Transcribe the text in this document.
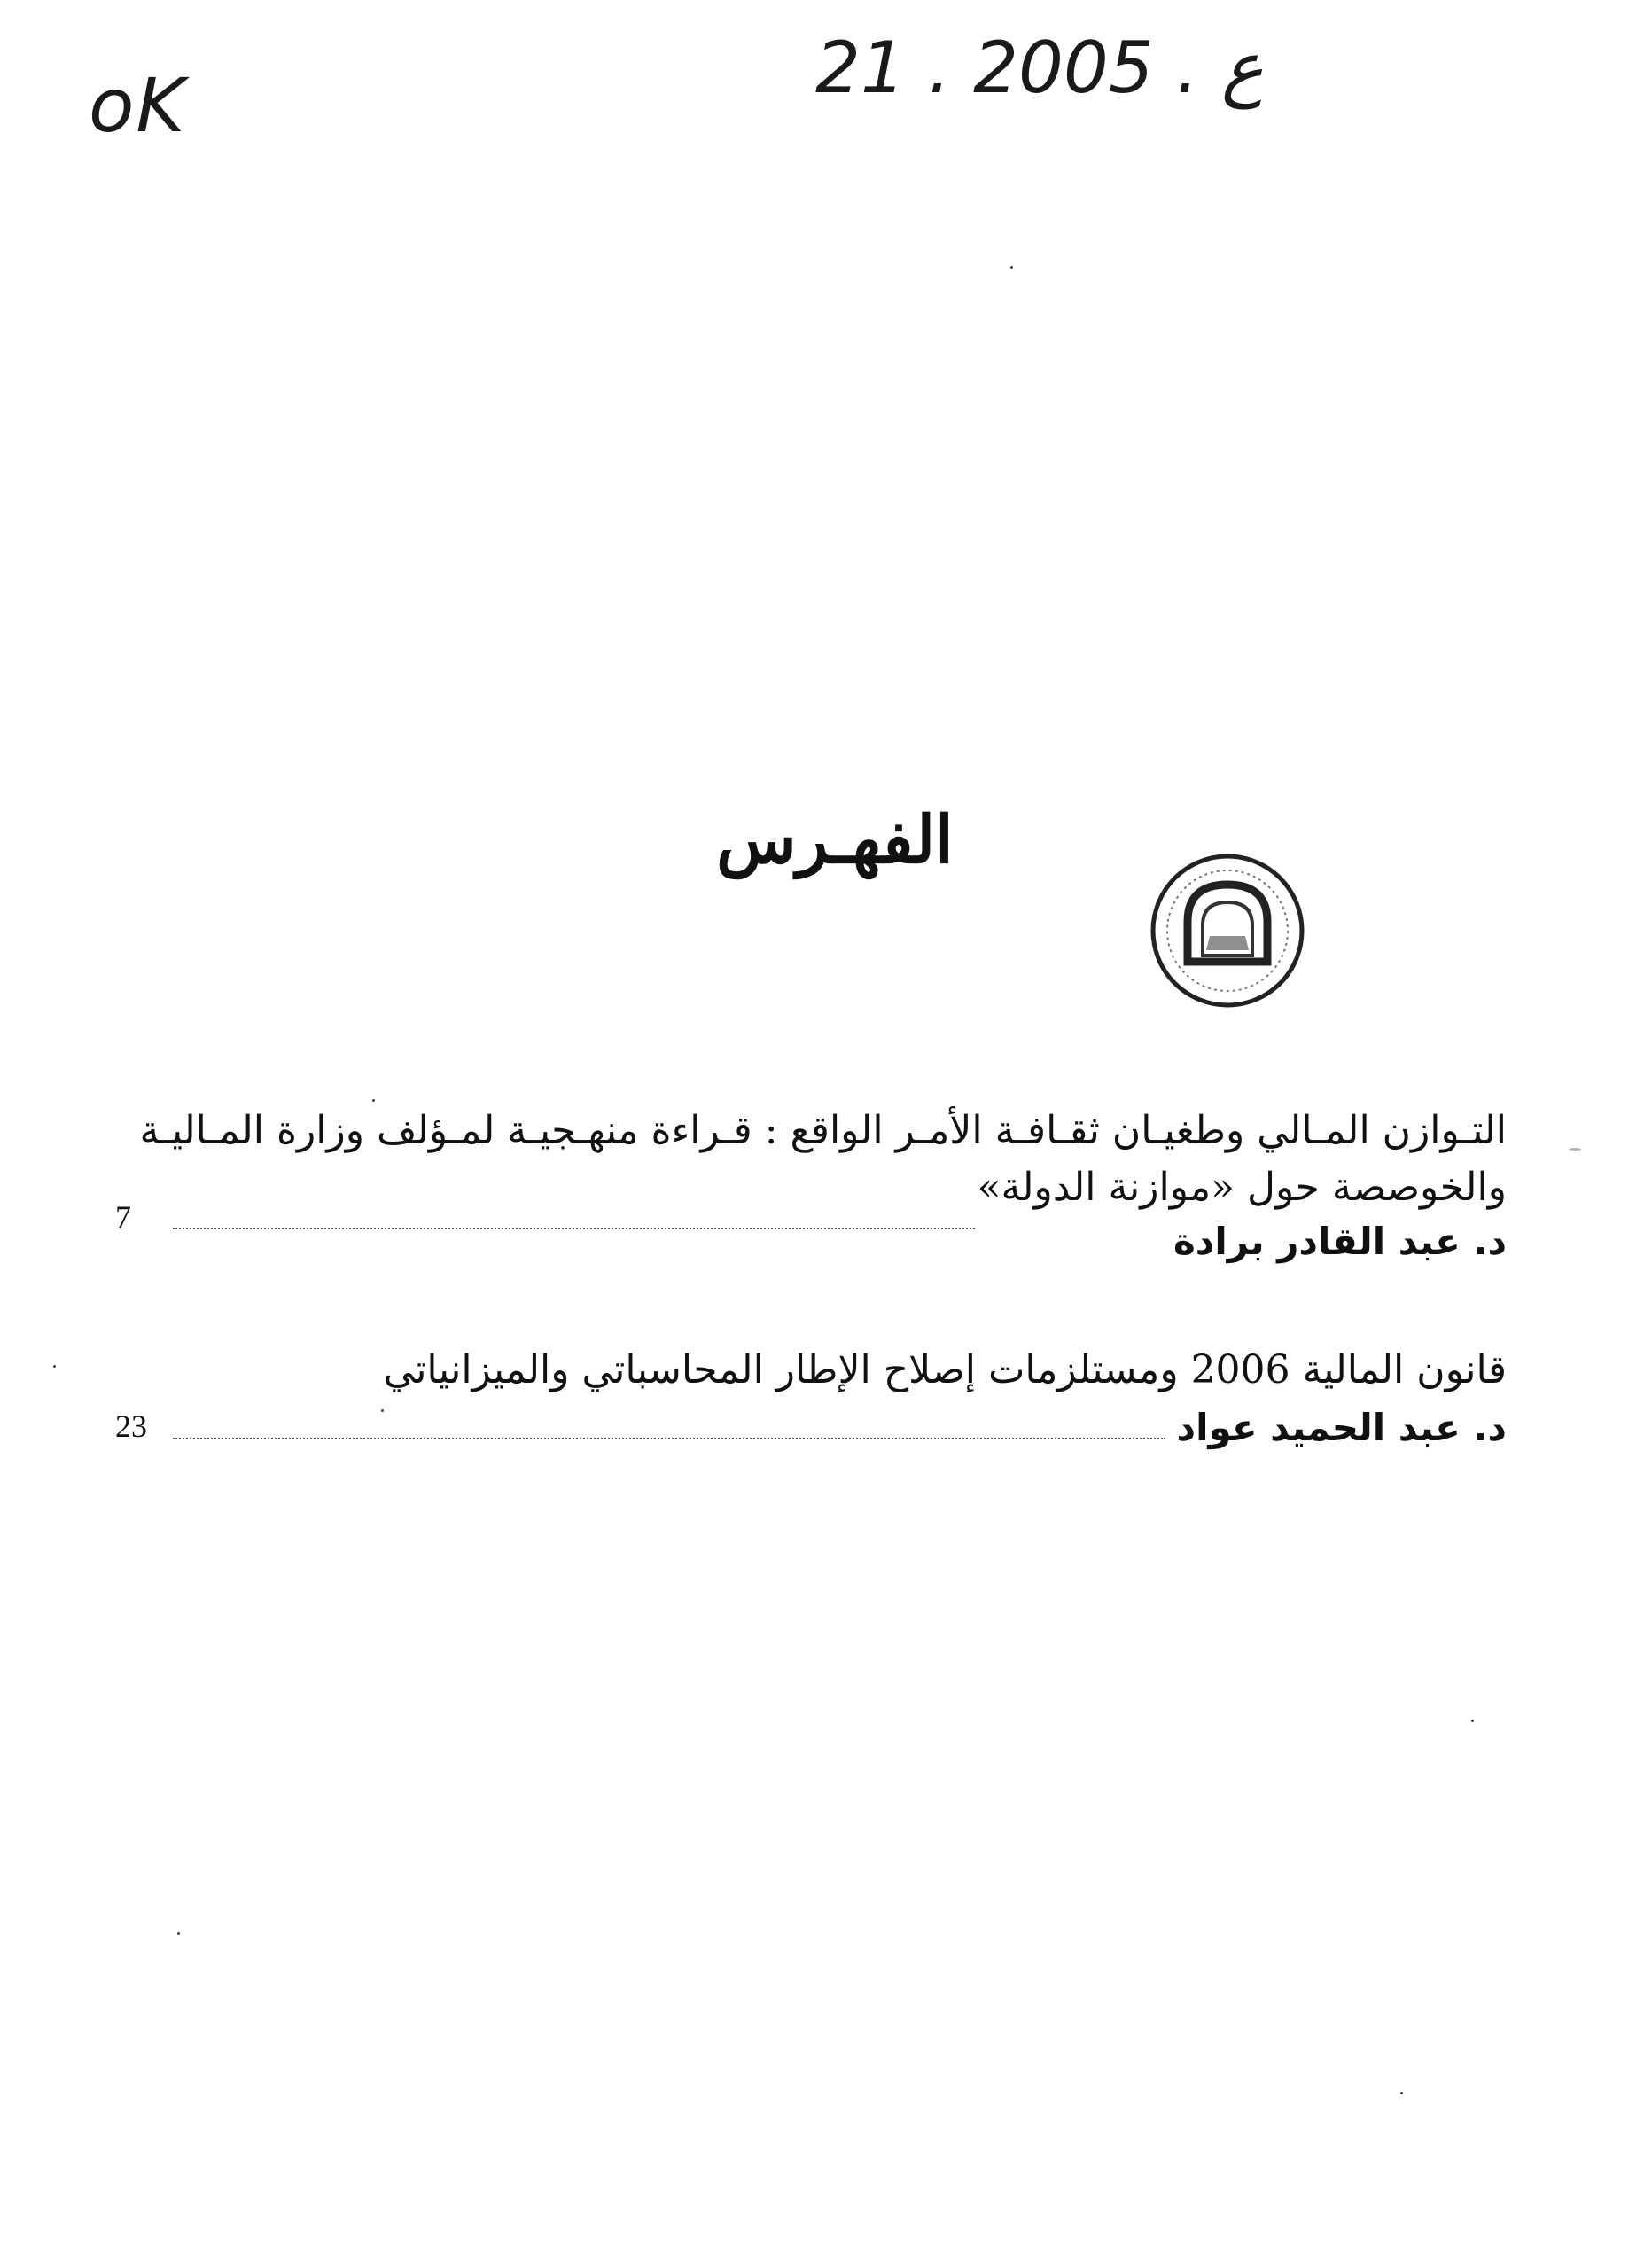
oK	21 . ع . 2005
الفهـرس
التـوازن المـالي وطغيـان ثقـافـة الأمـر الواقع : قـراءة منهـجيـة لمـؤلف وزارة المـاليـة
والخوصصة حول «موازنة الدولة»
7
د. عبد القادر برادة
قانون المالية 2006 ومستلزمات إصلاح الإطار المحاسباتي والميزانياتي
23	د. عبد الحميد عواد
